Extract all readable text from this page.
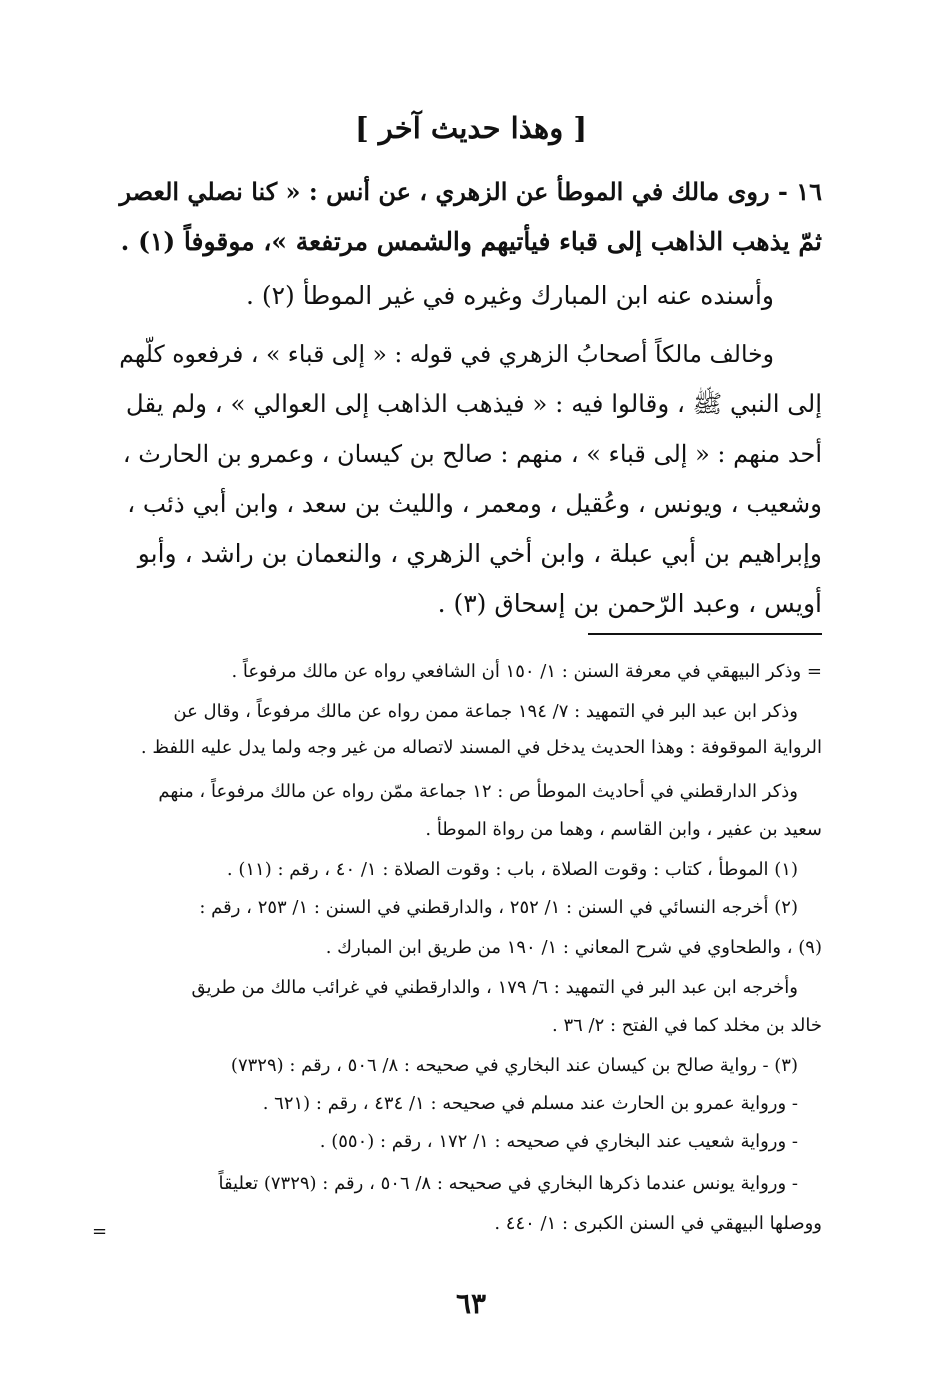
[ وهذا حديث آخر ]
١٦ - روى مالك في الموطأ عن الزهري ، عن أنس : « كنا نصلي العصر
ثمّ يذهب الذاهب إلى قباء فيأتيهم والشمس مرتفعة »، موقوفاً (١) .
وأسنده عنه ابن المبارك وغيره في غير الموطأ (٢) .
وخالف مالكاً أصحابُ الزهري في قوله : « إلى قباء » ، فرفعوه كلّهم
إلى النبي ﷺ ، وقالوا فيه : « فيذهب الذاهب إلى العوالي » ، ولم يقل
أحد منهم : « إلى قباء » ، منهم : صالح بن كيسان ، وعمرو بن الحارث ،
وشعيب ، ويونس ، وعُقيل ، ومعمر ، والليث بن سعد ، وابن أبي ذئب ،
وإبراهيم بن أبي عبلة ، وابن أخي الزهري ، والنعمان بن راشد ، وأبو
أويس ، وعبد الرّحمن بن إسحاق (٣) .
= وذكر البيهقي في معرفة السنن : ١/ ١٥٠ أن الشافعي رواه عن مالك مرفوعاً .
وذكر ابن عبد البر في التمهيد : ٧/ ١٩٤ جماعة ممن رواه عن مالك مرفوعاً ، وقال عن
الرواية الموقوفة : وهذا الحديث يدخل في المسند لاتصاله من غير وجه ولما يدل عليه اللفظ .
وذكر الدارقطني في أحاديث الموطأ ص : ١٢ جماعة ممّن رواه عن مالك مرفوعاً ، منهم
سعيد بن عفير ، وابن القاسم ، وهما من رواة الموطأ .
(١) الموطأ ، كتاب : وقوت الصلاة ، باب : وقوت الصلاة : ١/ ٤٠ ، رقم : (١١) .
(٢) أخرجه النسائي في السنن : ١/ ٢٥٢ ، والدارقطني في السنن : ١/ ٢٥٣ ، رقم :
(٩) ، والطحاوي في شرح المعاني : ١/ ١٩٠ من طريق ابن المبارك .
وأخرجه ابن عبد البر في التمهيد : ٦/ ١٧٩ ، والدارقطني في غرائب مالك من طريق
خالد بن مخلد كما في الفتح : ٢/ ٣٦ .
(٣) - رواية صالح بن كيسان عند البخاري في صحيحه : ٨/ ٥٠٦ ، رقم : (٧٣٢٩)
- ورواية عمرو بن الحارث عند مسلم في صحيحه : ١/ ٤٣٤ ، رقم : (٦٢١ .
- ورواية شعيب عند البخاري في صحيحه : ١/ ١٧٢ ، رقم : (٥٥٠) .
- ورواية يونس عندما ذكرها البخاري في صحيحه : ٨/ ٥٠٦ ، رقم : (٧٣٢٩) تعليقاً
ووصلها البيهقي في السنن الكبرى : ١/ ٤٤٠ .
=
٦٣
